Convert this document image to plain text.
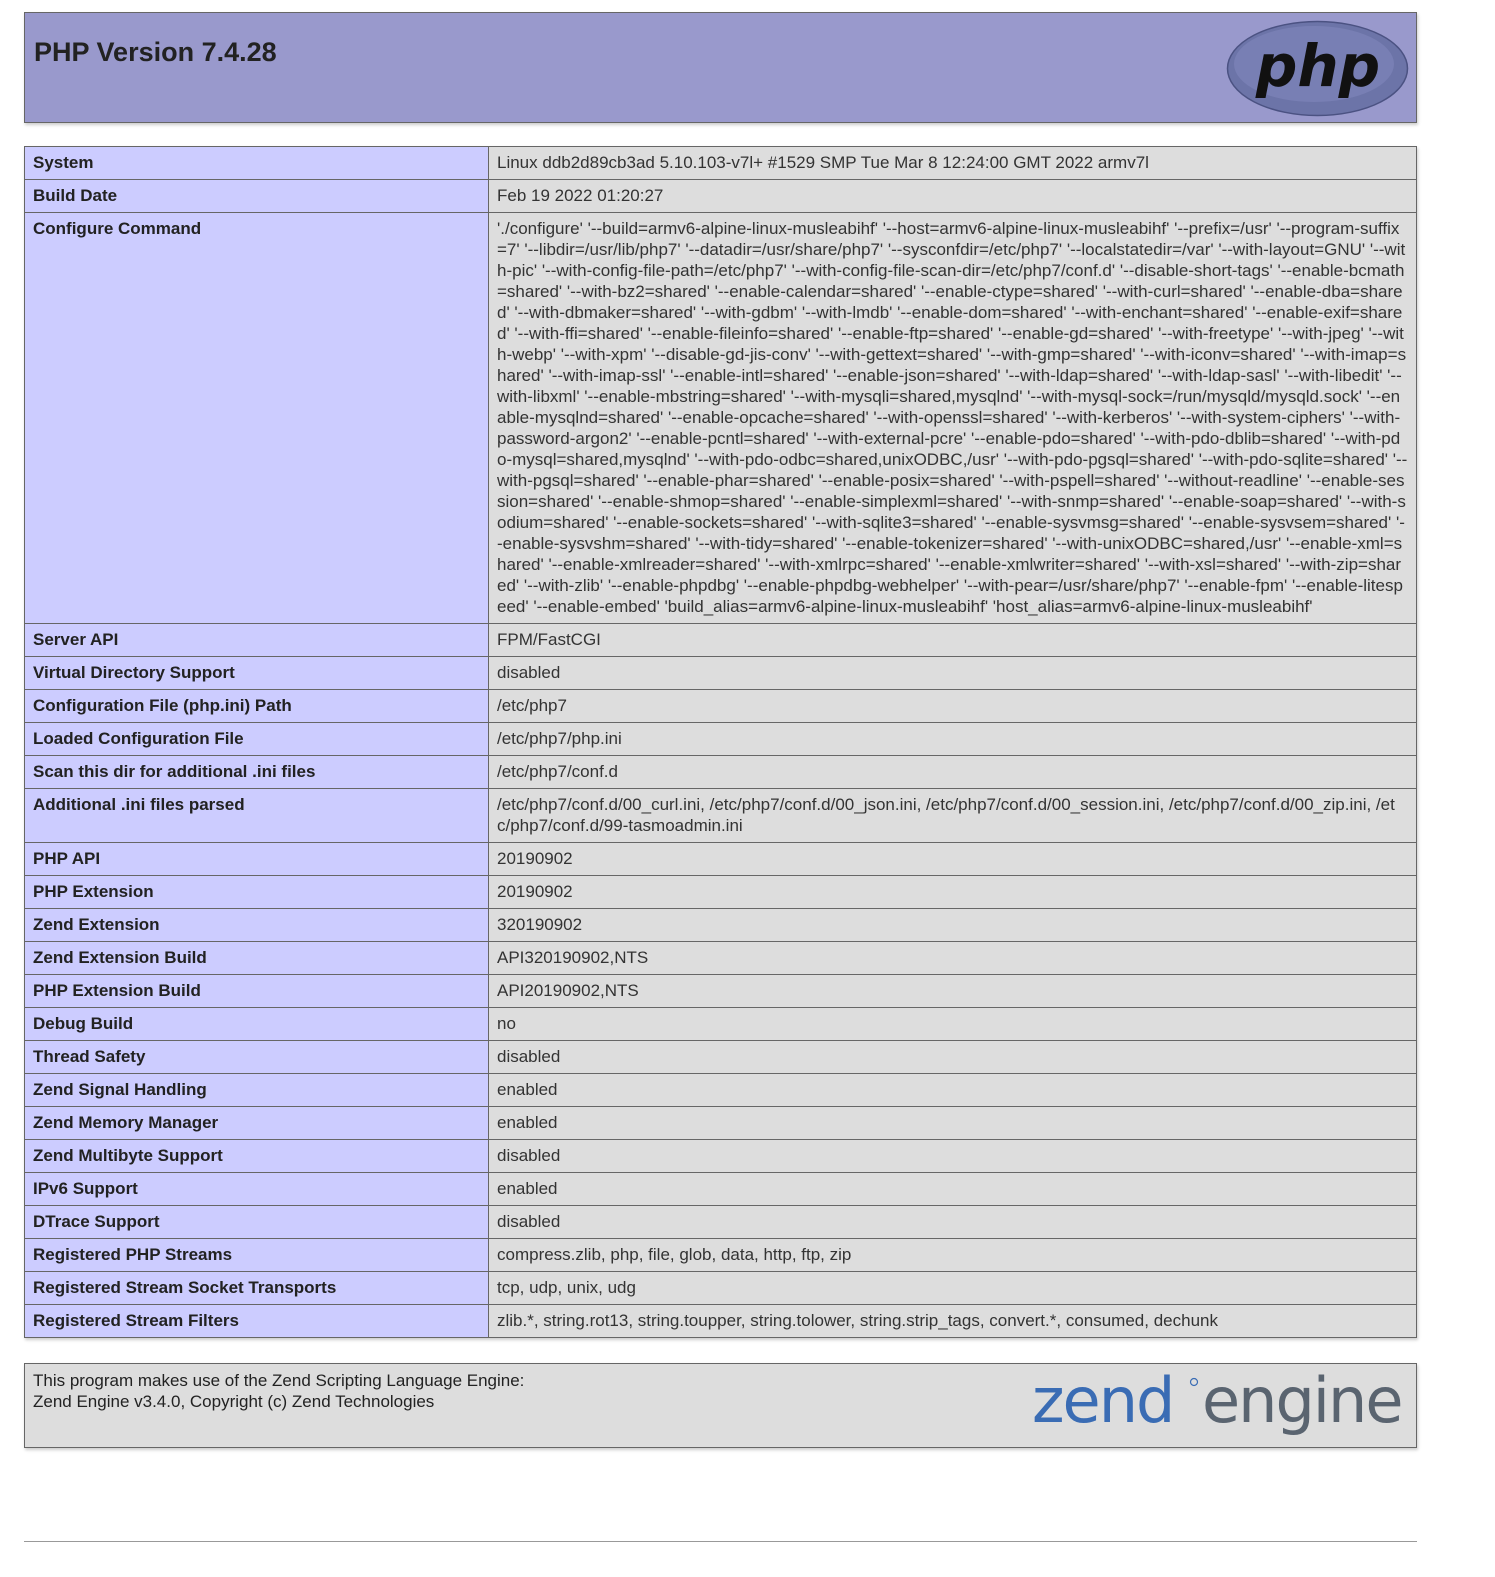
PHP Version 7.4.28	php
System	Linux ddb2d89cb3ad 5.10.103-v7l+ #1529 SMP Tue Mar 8 12:24:00 GMT 2022 armv7l
Build Date	Feb 19 2022 01:20:27
Configure Command	'./configure' '--build=armv6-alpine-linux-musleabihf' '--host=armv6-alpine-linux-musleabihf' '--prefix=/usr' '--program-suffix=7' '--libdir=/usr/lib/php7' '--datadir=/usr/share/php7' '--sysconfdir=/etc/php7' '--localstatedir=/var' '--with-layout=GNU' '--with-pic' '--with-config-file-path=/etc/php7' '--with-config-file-scan-dir=/etc/php7/conf.d' '--disable-short-tags' '--enable-bcmath=shared' '--with-bz2=shared' '--enable-calendar=shared' '--enable-ctype=shared' '--with-curl=shared' '--enable-dba=shared' '--with-dbmaker=shared' '--with-gdbm' '--with-lmdb' '--enable-dom=shared' '--with-enchant=shared' '--enable-exif=shared' '--with-ffi=shared' '--enable-fileinfo=shared' '--enable-ftp=shared' '--enable-gd=shared' '--with-freetype' '--with-jpeg' '--with-webp' '--with-xpm' '--disable-gd-jis-conv' '--with-gettext=shared' '--with-gmp=shared' '--with-iconv=shared' '--with-imap=shared' '--with-imap-ssl' '--enable-intl=shared' '--enable-json=shared' '--with-ldap=shared' '--with-ldap-sasl' '--with-libedit' '--with-libxml' '--enable-mbstring=shared' '--with-mysqli=shared,mysqlnd' '--with-mysql-sock=/run/mysqld/mysqld.sock' '--enable-mysqlnd=shared' '--enable-opcache=shared' '--with-openssl=shared' '--with-kerberos' '--with-system-ciphers' '--with-password-argon2' '--enable-pcntl=shared' '--with-external-pcre' '--enable-pdo=shared' '--with-pdo-dblib=shared' '--with-pdo-mysql=shared,mysqlnd' '--with-pdo-odbc=shared,unixODBC,/usr' '--with-pdo-pgsql=shared' '--with-pdo-sqlite=shared' '--with-pgsql=shared' '--enable-phar=shared' '--enable-posix=shared' '--with-pspell=shared' '--without-readline' '--enable-session=shared' '--enable-shmop=shared' '--enable-simplexml=shared' '--with-snmp=shared' '--enable-soap=shared' '--with-sodium=shared' '--enable-sockets=shared' '--with-sqlite3=shared' '--enable-sysvmsg=shared' '--enable-sysvsem=shared' '--enable-sysvshm=shared' '--with-tidy=shared' '--enable-tokenizer=shared' '--with-unixODBC=shared,/usr' '--enable-xml=shared' '--enable-xmlreader=shared' '--with-xmlrpc=shared' '--enable-xmlwriter=shared' '--with-xsl=shared' '--with-zip=shared' '--with-zlib' '--enable-phpdbg' '--enable-phpdbg-webhelper' '--with-pear=/usr/share/php7' '--enable-fpm' '--enable-litespeed' '--enable-embed' 'build_alias=armv6-alpine-linux-musleabihf' 'host_alias=armv6-alpine-linux-musleabihf'
Server API	FPM/FastCGI
Virtual Directory Support	disabled
Configuration File (php.ini) Path	/etc/php7
Loaded Configuration File	/etc/php7/php.ini
Scan this dir for additional .ini files	/etc/php7/conf.d
Additional .ini files parsed	/etc/php7/conf.d/00_curl.ini, /etc/php7/conf.d/00_json.ini, /etc/php7/conf.d/00_session.ini, /etc/php7/conf.d/00_zip.ini, /etc/php7/conf.d/99-tasmoadmin.ini
PHP API	20190902
PHP Extension	20190902
Zend Extension	320190902
Zend Extension Build	API320190902,NTS
PHP Extension Build	API20190902,NTS
Debug Build	no
Thread Safety	disabled
Zend Signal Handling	enabled
Zend Memory Manager	enabled
Zend Multibyte Support	disabled
IPv6 Support	enabled
DTrace Support	disabled
Registered PHP Streams	compress.zlib, php, file, glob, data, http, ftp, zip
Registered Stream Socket Transports	tcp, udp, unix, udg
Registered Stream Filters	zlib.*, string.rot13, string.toupper, string.tolower, string.strip_tags, convert.*, consumed, dechunk
This program makes use of the Zend Scripting Language Engine:
Zend Engine v3.4.0, Copyright (c) Zend Technologies	zend engine
